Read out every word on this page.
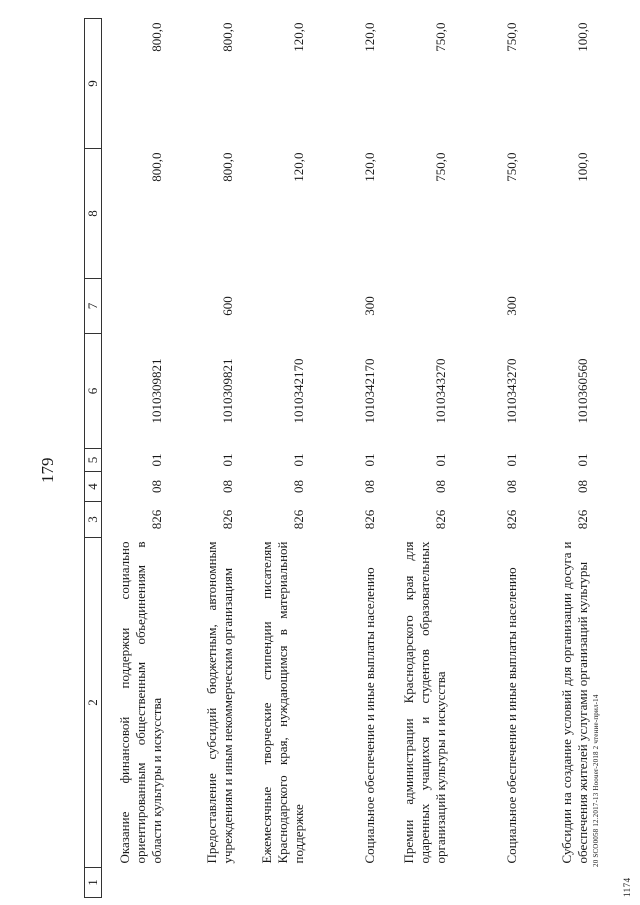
179
1	2	3	4	5	6	7	8	9
	Оказание финансовой поддержки социально ориентированным общественным объединениям в области культуры и искусства	826	08	01	1010309821		800,0	800,0
	Предоставление субсидий бюджетным, автономным учреждениям и иным некоммерческим организациям	826	08	01	1010309821	600	800,0	800,0
	Ежемесячные творческие стипендии писателям Краснодарского края, нуждающимся в материальной поддержке	826	08	01	1010342170		120,0	120,0
	Социальное обеспечение и иные выплаты населению	826	08	01	1010342170	300	120,0	120,0
	Премии администрации Краснодарского края для одаренных учащихся и студентов образовательных организаций культуры и искусства	826	08	01	1010343270		750,0	750,0
	Социальное обеспечение и иные выплаты населению	826	08	01	1010343270	300	750,0	750,0
	Субсидии на создание условий для организации досуга и обеспечения жителей услугами организаций культуры	826	08	01	1010360560		100,0	100,0
20 SCO0058 12.2017-13 Hoouer-2018 2 чтение-прил-14
1174
